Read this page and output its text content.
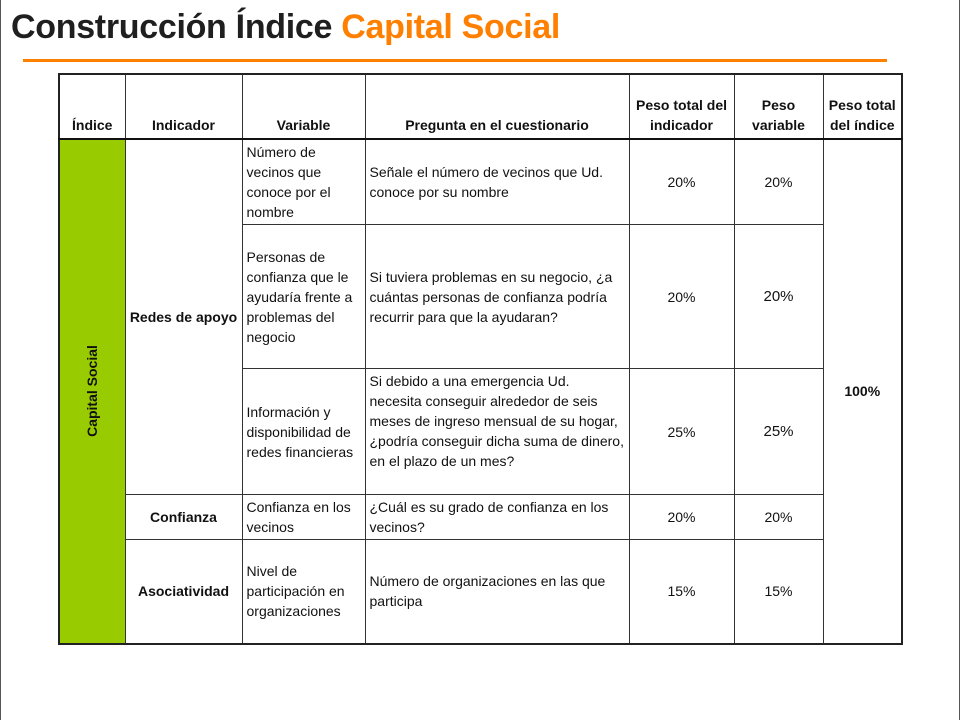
Construcción Índice Capital Social
Índice	Indicador	Variable	Pregunta en el cuestionario	Peso total del indicador	Peso variable	Peso total del índice

Capital Social	Redes de apoyo	Número de vecinos que conoce por el nombre	Señale el número de vecinos que Ud. conoce por su nombre	20%	20%	100%
		Personas de confianza que le ayudaría frente a problemas del negocio	Si tuviera problemas en su negocio, ¿a cuántas personas de confianza podría recurrir para que la ayudaran?	20%	20%	
		Información y disponibilidad de redes financieras	Si debido a una emergencia Ud. necesita conseguir alrededor de seis meses de ingreso mensual de su hogar, ¿podría conseguir dicha suma de dinero, en el plazo de un mes?	25%	25%	
	Confianza	Confianza en los vecinos	¿Cuál es su grado de confianza en los vecinos?	20%	20%	
	Asociatividad	Nivel de participación en organizaciones	Número de organizaciones en las que participa	15%	15%	
